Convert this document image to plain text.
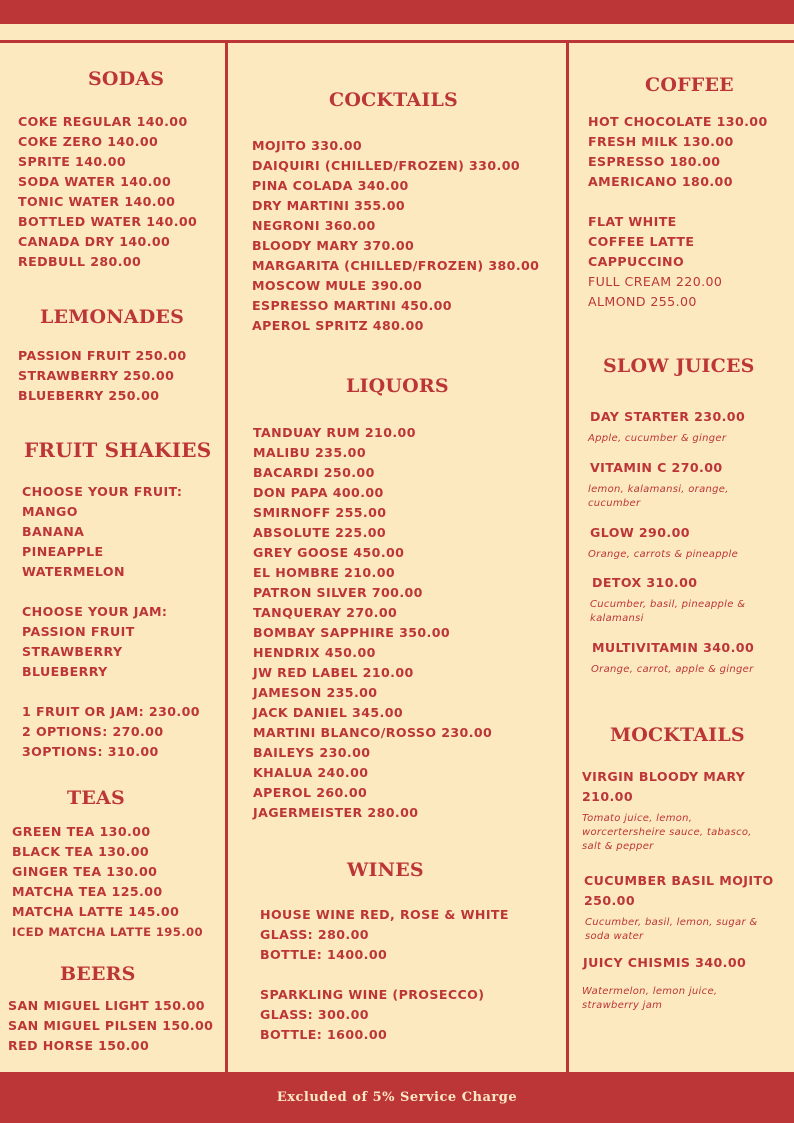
SODAS
COKE REGULAR 140.00
COKE ZERO 140.00
SPRITE 140.00
SODA WATER 140.00
TONIC WATER 140.00
BOTTLED WATER 140.00
CANADA DRY 140.00
REDBULL 280.00
LEMONADES
PASSION FRUIT 250.00
STRAWBERRY 250.00
BLUEBERRY 250.00
FRUIT SHAKIES
CHOOSE YOUR FRUIT:
MANGO
BANANA
PINEAPPLE
WATERMELON
CHOOSE YOUR JAM:
PASSION FRUIT
STRAWBERRY
BLUEBERRY
1 FRUIT OR JAM: 230.00
2 OPTIONS: 270.00
3OPTIONS: 310.00
TEAS
GREEN TEA 130.00
BLACK TEA 130.00
GINGER TEA 130.00
MATCHA TEA 125.00
MATCHA LATTE 145.00
ICED MATCHA LATTE 195.00
BEERS
SAN MIGUEL LIGHT 150.00
SAN MIGUEL PILSEN 150.00
RED HORSE 150.00
COCKTAILS
MOJITO 330.00
DAIQUIRI (CHILLED/FROZEN) 330.00
PINA COLADA 340.00
DRY MARTINI 355.00
NEGRONI 360.00
BLOODY MARY 370.00
MARGARITA (CHILLED/FROZEN) 380.00
MOSCOW MULE 390.00
ESPRESSO MARTINI 450.00
APEROL SPRITZ 480.00
LIQUORS
TANDUAY RUM 210.00
MALIBU 235.00
BACARDI 250.00
DON PAPA 400.00
SMIRNOFF 255.00
ABSOLUTE 225.00
GREY GOOSE 450.00
EL HOMBRE 210.00
PATRON SILVER 700.00
TANQUERAY 270.00
BOMBAY SAPPHIRE 350.00
HENDRIX 450.00
JW RED LABEL 210.00
JAMESON 235.00
JACK DANIEL 345.00
MARTINI BLANCO/ROSSO 230.00
BAILEYS 230.00
KHALUA 240.00
APEROL 260.00
JAGERMEISTER 280.00
WINES
HOUSE WINE RED, ROSE & WHITE
GLASS: 280.00
BOTTLE: 1400.00
SPARKLING WINE (PROSECCO)
GLASS: 300.00
BOTTLE: 1600.00
COFFEE
HOT CHOCOLATE 130.00
FRESH MILK 130.00
ESPRESSO 180.00
AMERICANO 180.00
FLAT WHITE
COFFEE LATTE
CAPPUCCINO
FULL CREAM 220.00
ALMOND 255.00
SLOW JUICES
DAY STARTER 230.00
Apple, cucumber & ginger
VITAMIN C 270.00
lemon, kalamansi, orange, cucumber
GLOW 290.00
Orange, carrots & pineapple
DETOX 310.00
Cucumber, basil, pineapple & kalamansi
MULTIVITAMIN 340.00
Orange, carrot, apple & ginger
MOCKTAILS
VIRGIN BLOODY MARY
210.00
Tomato juice, lemon, worcertersheire sauce, tabasco, salt & pepper
CUCUMBER BASIL MOJITO
250.00
Cucumber, basil, lemon, sugar & soda water
JUICY CHISMIS 340.00
Watermelon, lemon juice, strawberry jam
Excluded of 5% Service Charge
